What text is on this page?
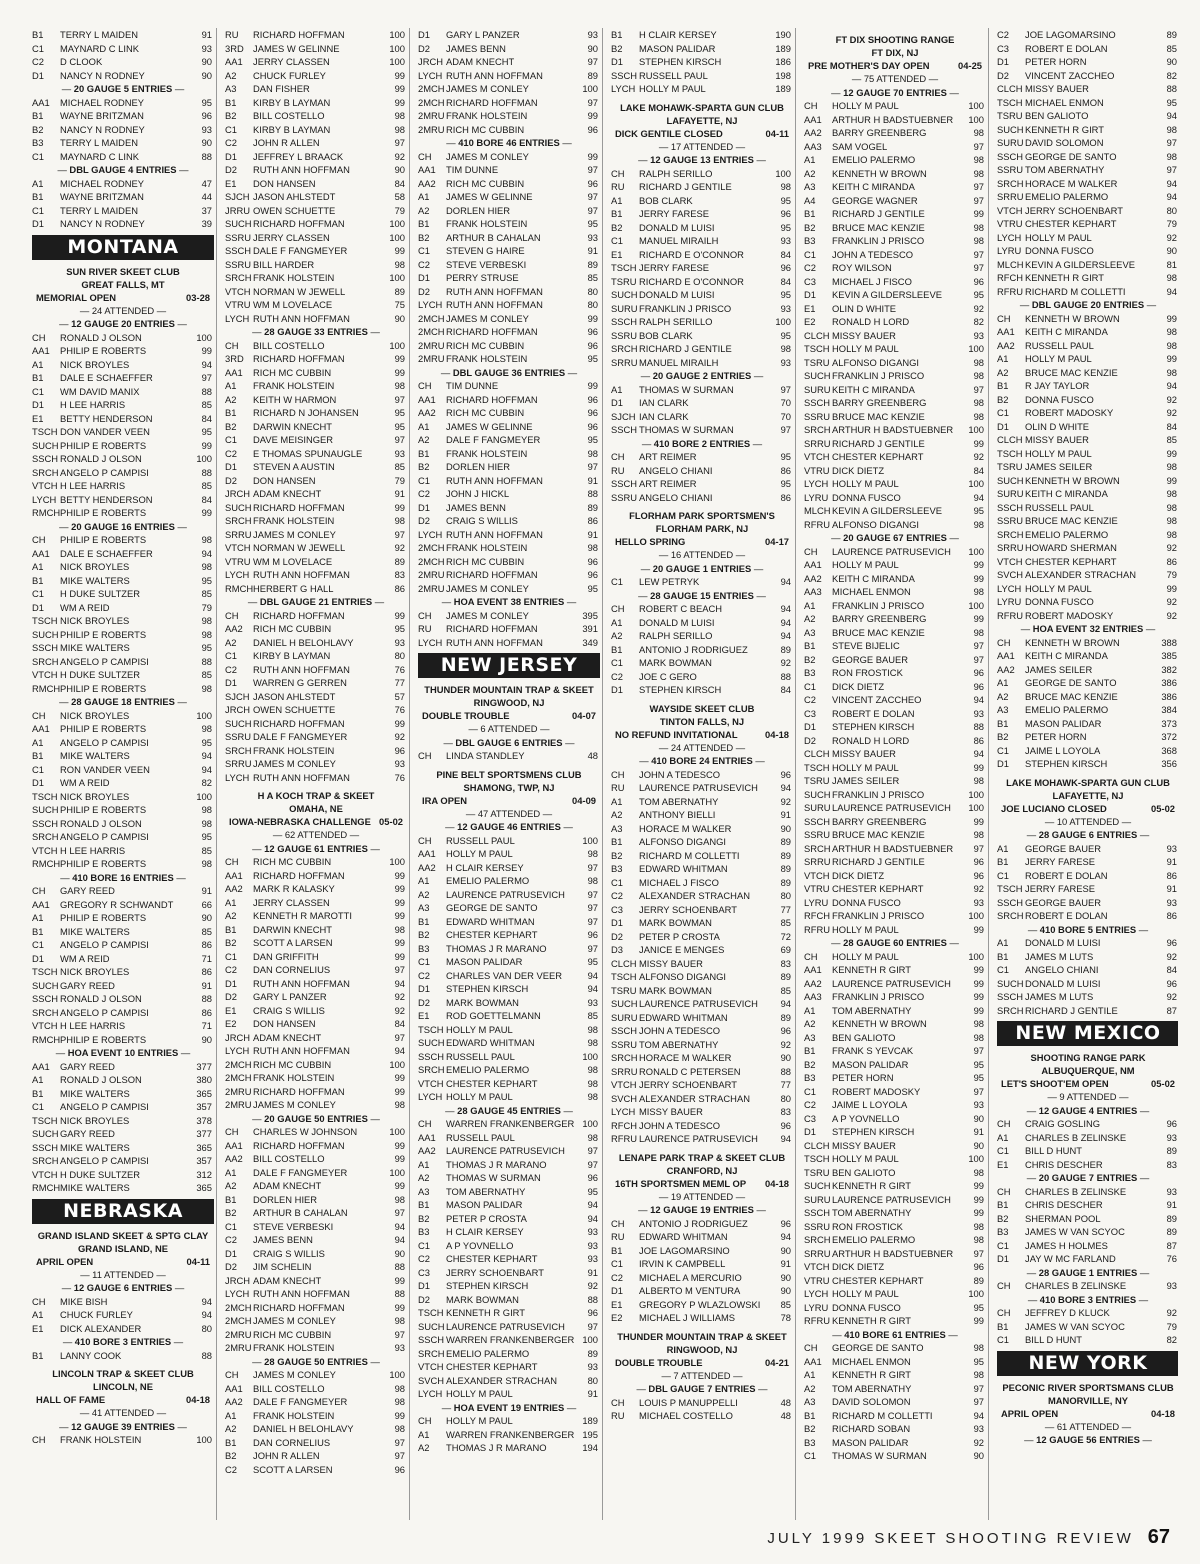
B1	TERRY L MAIDEN	91
C1	MAYNARD C LINK	93
C2	D CLOOK	90
D1	NANCY N RODNEY	90
— 20 GAUGE 5 ENTRIES —
AA1	MICHAEL RODNEY	95
B1	WAYNE BRITZMAN	96
B2	NANCY N RODNEY	93
B3	TERRY L MAIDEN	90
C1	MAYNARD C LINK	88
— DBL GAUGE 4 ENTRIES —
A1	MICHAEL RODNEY	47
B1	WAYNE BRITZMAN	44
C1	TERRY L MAIDEN	37
D1	NANCY N RODNEY	39
MONTANA
SUN RIVER SKEET CLUB
GREAT FALLS, MT
MEMORIAL OPEN	03-28
— 24 ATTENDED —
— 12 GAUGE 20 ENTRIES —
CH	RONALD J OLSON	100
AA1	PHILIP E ROBERTS	99
A1	NICK BROYLES	94
B1	DALE E SCHAEFFER	97
C1	WM DAVID MANIX	88
D1	H LEE HARRIS	85
E1	BETTY HENDERSON	84
TSCH DON VANDER VEEN	95
SUCH PHILIP E ROBERTS	99
SSCH RONALD J OLSON	100
SRCH ANGELO P CAMPISI	88
VTCH H LEE HARRIS	85
LYCH BETTY HENDERSON	84
RMCH PHILIP E ROBERTS	99
— 20 GAUGE 16 ENTRIES —
CH	PHILIP E ROBERTS	98
AA1	DALE E SCHAEFFER	94
A1	NICK BROYLES	98
B1	MIKE WALTERS	95
C1	H DUKE SULTZER	85
D1	WM A REID	79
TSCH NICK BROYLES	98
SUCH PHILIP E ROBERTS	98
SSCH MIKE WALTERS	95
SRCH ANGELO P CAMPISI	88
VTCH H DUKE SULTZER	85
RMCH PHILIP E ROBERTS	98
— 28 GAUGE 18 ENTRIES —
CH	NICK BROYLES	100
AA1	PHILIP E ROBERTS	98
A1	ANGELO P CAMPISI	95
B1	MIKE WALTERS	94
C1	RON VANDER VEEN	94
D1	WM A REID	82
TSCH NICK BROYLES	100
SUCH PHILIP E ROBERTS	98
SSCH RONALD J OLSON	98
SRCH ANGELO P CAMPISI	95
VTCH H LEE HARRIS	85
RMCH PHILIP E ROBERTS	98
— 410 BORE 16 ENTRIES —
CH	GARY REED	91
AA1	GREGORY R SCHWANDT	66
A1	PHILIP E ROBERTS	90
B1	MIKE WALTERS	85
C1	ANGELO P CAMPISI	86
D1	WM A REID	71
TSCH NICK BROYLES	86
SUCH GARY REED	91
SSCH RONALD J OLSON	88
SRCH ANGELO P CAMPISI	86
VTCH H LEE HARRIS	71
RMCH PHILIP E ROBERTS	90
— HOA EVENT 10 ENTRIES —
AA1	GARY REED	377
A1	RONALD J OLSON	380
B1	MIKE WALTERS	365
C1	ANGELO P CAMPISI	357
TSCH NICK BROYLES	378
SUCH GARY REED	377
SSCH MIKE WALTERS	365
SRCH ANGELO P CAMPISI	357
VTCH H DUKE SULTZER	312
RMCH MIKE WALTERS	365
NEBRASKA
GRAND ISLAND SKEET & SPTG CLAY
GRAND ISLAND, NE
APRIL OPEN	04-11
— 11 ATTENDED —
— 12 GAUGE 6 ENTRIES —
CH	MIKE BISH	94
A1	CHUCK FURLEY	94
E1	DICK ALEXANDER	80
— 410 BORE 3 ENTRIES —
B1	LANNY COOK	88
LINCOLN TRAP & SKEET CLUB
LINCOLN, NE
HALL OF FAME	04-18
— 41 ATTENDED —
— 12 GAUGE 39 ENTRIES —
CH	FRANK HOLSTEIN	100
RU	RICHARD HOFFMAN	100
3RD JAMES W GELINNE	100
AA1	JERRY CLASSEN	100
A2	CHUCK FURLEY	99
A3	DAN FISHER	99
B1	KIRBY B LAYMAN	99
B2	BILL COSTELLO	98
C1	KIRBY B LAYMAN	98
C2	JOHN R ALLEN	97
D1	JEFFREY L BRAACK	92
D2	RUTH ANN HOFFMAN	90
E1	DON HANSEN	84
SJCH JASON AHLSTEDT	58
JRRU OWEN SCHUETTE	79
SUCH RICHARD HOFFMAN	100
SSRU JERRY CLASSEN	100
SSCH DALE F FANGMEYER	99
SSRU BILL HARDER	98
SRCH FRANK HOLSTEIN	100
VTCH NORMAN W JEWELL	89
VTRU WM M LOVELACE	75
LYCH RUTH ANN HOFFMAN	90
— 28 GAUGE 33 ENTRIES —
CH	BILL COSTELLO	100
3RD RICHARD HOFFMAN	99
AA1	RICH MC CUBBIN	99
A1	FRANK HOLSTEIN	98
A2	KEITH W HARMON	97
B1	RICHARD N JOHANSEN	95
B2	DARWIN KNECHT	95
C1	DAVE MEISINGER	97
C2	E THOMAS SPUNAUGLE	93
D1	STEVEN A AUSTIN	85
D2	DON HANSEN	79
JRCH ADAM KNECHT	91
SUCH RICHARD HOFFMAN	99
SRCH FRANK HOLSTEIN	98
SRRU JAMES M CONLEY	97
VTCH NORMAN W JEWELL	92
VTRU WM M LOVELACE	89
LYCH RUTH ANN HOFFMAN	83
RMCH HERBERT G HALL	86
— DBL GAUGE 21 ENTRIES —
CH	RICHARD HOFFMAN	99
AA2	RICH MC CUBBIN	95
A2	DANIEL H BELOHLAVY	93
C1	KIRBY B LAYMAN	80
C2	RUTH ANN HOFFMAN	76
D1	WARREN G GERREN	77
SJCH JASON AHLSTEDT	57
JRCH OWEN SCHUETTE	76
SUCH RICHARD HOFFMAN	99
SSRU DALE F FANGMEYER	92
SRCH FRANK HOLSTEIN	96
SRRU JAMES M CONLEY	93
LYCH RUTH ANN HOFFMAN	76
H A KOCH TRAP & SKEET
OMAHA, NE
IOWA-NEBRASKA CHALLENGE 05-02
— 62 ATTENDED —
— 12 GAUGE 61 ENTRIES —
CH	RICH MC CUBBIN	100
AA1	RICHARD HOFFMAN	99
AA2	MARK R KALASKY	99
A1	JERRY CLASSEN	99
A2	KENNETH R MAROTTI	99
B1	DARWIN KNECHT	98
B2	SCOTT A LARSEN	99
C1	DAN GRIFFITH	99
C2	DAN CORNELIUS	97
D1	RUTH ANN HOFFMAN	94
D2	GARY L PANZER	92
E1	CRAIG S WILLIS	92
E2	DON HANSEN	84
JRCH ADAM KNECHT	97
LYCH RUTH ANN HOFFMAN	94
2MCH RICH MC CUBBIN	100
2MCH FRANK HOLSTEIN	99
2MRU RICHARD HOFFMAN	99
2MRU JAMES M CONLEY	98
— 20 GAUGE 50 ENTRIES —
CH	CHARLES W JOHNSON	100
AA1	RICHARD HOFFMAN	99
AA2	BILL COSTELLO	99
A1	DALE F FANGMEYER	100
A2	ADAM KNECHT	99
B1	DORLEN HIER	98
B2	ARTHUR B CAHALAN	97
C1	STEVE VERBESKI	94
C2	JAMES BENN	94
D1	CRAIG S WILLIS	90
D2	JIM SCHELIN	88
JRCH ADAM KNECHT	99
LYCH RUTH ANN HOFFMAN	88
2MCH RICHARD HOFFMAN	99
2MCH JAMES M CONLEY	98
2MRU RICH MC CUBBIN	97
2MRU FRANK HOLSTEIN	93
— 28 GAUGE 50 ENTRIES —
CH	JAMES M CONLEY	100
AA1	BILL COSTELLO	98
AA2	DALE F FANGMEYER	98
A1	FRANK HOLSTEIN	99
A2	DANIEL H BELOHLAVY	98
B1	DAN CORNELIUS	97
B2	JOHN R ALLEN	97
C2	SCOTT A LARSEN	96
D1	GARY L PANZER	93
D2	JAMES BENN	90
JRCH ADAM KNECHT	97
LYCH RUTH ANN HOFFMAN	89
2MCH JAMES M CONLEY	100
2MCH RICHARD HOFFMAN	97
2MRU FRANK HOLSTEIN	99
2MRU RICH MC CUBBIN	96
— 410 BORE 46 ENTRIES —
CH	JAMES M CONLEY	99
AA1	TIM DUNNE	97
AA2	RICH MC CUBBIN	96
A1	JAMES W GELINNE	97
A2	DORLEN HIER	97
B1	FRANK HOLSTEIN	95
B2	ARTHUR B CAHALAN	93
C1	STEVEN G HAIRE	91
C2	STEVE VERBESKI	89
D1	PERRY STRUSE	85
D2	RUTH ANN HOFFMAN	80
LYCH RUTH ANN HOFFMAN	80
2MCH JAMES M CONLEY	99
2MCH RICHARD HOFFMAN	96
2MRU RICH MC CUBBIN	96
2MRU FRANK HOLSTEIN	95
— DBL GAUGE 36 ENTRIES —
CH	TIM DUNNE	99
AA1	RICHARD HOFFMAN	96
AA2	RICH MC CUBBIN	96
A1	JAMES W GELINNE	96
A2	DALE F FANGMEYER	95
B1	FRANK HOLSTEIN	98
B2	DORLEN HIER	97
C1	RUTH ANN HOFFMAN	91
C2	JOHN J HICKL	88
D1	JAMES BENN	89
D2	CRAIG S WILLIS	86
LYCH RUTH ANN HOFFMAN	91
2MCH FRANK HOLSTEIN	98
2MCH RICH MC CUBBIN	96
2MRU RICHARD HOFFMAN	96
2MRU JAMES M CONLEY	95
— HOA EVENT 38 ENTRIES —
CH	JAMES M CONLEY	395
RU	RICHARD HOFFMAN	391
LYCH RUTH ANN HOFFMAN	349
NEW JERSEY
THUNDER MOUNTAIN TRAP & SKEET
RINGWOOD, NJ
DOUBLE TROUBLE	04-07
— 6 ATTENDED —
— DBL GAUGE 6 ENTRIES —
CH	LINDA STANDLEY	48
PINE BELT SPORTSMENS CLUB
SHAMONG, TWP, NJ
IRA OPEN	04-09
— 47 ATTENDED —
— 12 GAUGE 46 ENTRIES —
CH	RUSSELL PAUL	100
AA1	HOLLY M PAUL	98
AA2	H CLAIR KERSEY	97
A1	EMELIO PALERMO	98
A2	LAURENCE PATRUSEVICH	97
A3	GEORGE DE SANTO	97
B1	EDWARD WHITMAN	97
B2	CHESTER KEPHART	96
B3	THOMAS J R MARANO	97
C1	MASON PALIDAR	95
C2	CHARLES VAN DER VEER	94
D1	STEPHEN KIRSCH	94
D2	MARK BOWMAN	93
E1	ROD GOETTELMANN	85
TSCH HOLLY M PAUL	98
SUCH EDWARD WHITMAN	98
SSCH RUSSELL PAUL	100
SRCH EMELIO PALERMO	98
VTCH CHESTER KEPHART	98
LYCH HOLLY M PAUL	98
— 28 GAUGE 45 ENTRIES —
CH	WARREN FRANKENBERGER 100
AA1	RUSSELL PAUL	98
AA2	LAURENCE PATRUSEVICH	97
A1	THOMAS J R MARANO	97
A2	THOMAS W SURMAN	96
A3	TOM ABERNATHY	95
B1	MASON PALIDAR	94
B2	PETER P CROSTA	94
B3	H CLAIR KERSEY	93
C1	A P YOVNELLO	93
C2	CHESTER KEPHART	93
C3	JERRY SCHOENBART	91
D1	STEPHEN KIRSCH	92
D2	MARK BOWMAN	88
TSCH KENNETH R GIRT	96
SUCH LAURENCE PATRUSEVICH	97
SSCH WARREN FRANKENBERGER 100
SRCH EMELIO PALERMO	89
VTCH CHESTER KEPHART	93
SVCH ALEXANDER STRACHAN	80
LYCH HOLLY M PAUL	91
— HOA EVENT 19 ENTRIES —
CH	HOLLY M PAUL	189
A1	WARREN FRANKENBERGER 195
A2	THOMAS J R MARANO	194
B1	H CLAIR KERSEY	190
B2	MASON PALIDAR	189
D1	STEPHEN KIRSCH	186
SSCH RUSSELL PAUL	198
LYCH HOLLY M PAUL	189
LAKE MOHAWK-SPARTA GUN CLUB
LAFAYETTE, NJ
DICK GENTILE CLOSED	04-11
— 17 ATTENDED —
— 12 GAUGE 13 ENTRIES —
CH	RALPH SERILLO	100
RU	RICHARD J GENTILE	98
A1	BOB CLARK	95
B1	JERRY FARESE	96
B2	DONALD M LUISI	95
C1	MANUEL MIRAILH	93
E1	RICHARD E O'CONNOR	84
TSCH JERRY FARESE	96
TSRU RICHARD E O'CONNOR	84
SUCH DONALD M LUISI	95
SURU FRANKLIN J PRISCO	93
SSCH RALPH SERILLO	100
SSRU BOB CLARK	95
SRCH RICHARD J GENTILE	98
SRRU MANUEL MIRAILH	93
— 20 GAUGE 2 ENTRIES —
A1	THOMAS W SURMAN	97
D1	IAN CLARK	70
SJCH IAN CLARK	70
SSCH THOMAS W SURMAN	97
— 410 BORE 2 ENTRIES —
CH	ART REIMER	95
RU	ANGELO CHIANI	86
SSCH ART REIMER	95
SSRU ANGELO CHIANI	86
FLORHAM PARK SPORTSMEN'S
FLORHAM PARK, NJ
HELLO SPRING	04-17
— 16 ATTENDED —
— 20 GAUGE 1 ENTRIES —
C1	LEW PETRYK	94
— 28 GAUGE 15 ENTRIES —
CH	ROBERT C BEACH	94
A1	DONALD M LUISI	94
A2	RALPH SERILLO	94
B1	ANTONIO J RODRIGUEZ	89
C1	MARK BOWMAN	92
C2	JOE C GERO	88
D1	STEPHEN KIRSCH	84
WAYSIDE SKEET CLUB
TINTON FALLS, NJ
NO REFUND INVITATIONAL	04-18
— 24 ATTENDED —
— 410 BORE 24 ENTRIES —
CH	JOHN A TEDESCO	96
RU	LAURENCE PATRUSEVICH	94
A1	TOM ABERNATHY	92
A2	ANTHONY BIELLI	91
A3	HORACE M WALKER	90
B1	ALFONSO DIGANGI	89
B2	RICHARD M COLLETTI	89
B3	EDWARD WHITMAN	89
C1	MICHAEL J FISCO	89
C2	ALEXANDER STRACHAN	80
C3	JERRY SCHOENBART	77
D1	MARK BOWMAN	85
D2	PETER P CROSTA	72
D3	JANICE E MENGES	69
CLCH MISSY BAUER	83
TSCH ALFONSO DIGANGI	89
TSRU MARK BOWMAN	85
SUCH LAURENCE PATRUSEVICH	94
SURU EDWARD WHITMAN	89
SSCH JOHN A TEDESCO	96
SSRU TOM ABERNATHY	92
SRCH HORACE M WALKER	90
SRRU RONALD C PETERSEN	88
VTCH JERRY SCHOENBART	77
SVCH ALEXANDER STRACHAN	80
LYCH MISSY BAUER	83
RFCH JOHN A TEDESCO	96
RFRU LAURENCE PATRUSEVICH	94
LENAPE PARK TRAP & SKEET CLUB
CRANFORD, NJ
16TH SPORTSMEN MEML OP 04-18
— 19 ATTENDED —
— 12 GAUGE 19 ENTRIES —
CH	ANTONIO J RODRIGUEZ	96
RU	EDWARD WHITMAN	94
B1	JOE LAGOMARSINO	90
C1	IRVIN K CAMPBELL	91
C2	MICHAEL A MERCURIO	90
D1	ALBERTO M VENTURA	90
E1	GREGORY P WLAZLOWSKI	85
E2	MICHAEL J WILLIAMS	78
THUNDER MOUNTAIN TRAP & SKEET
RINGWOOD, NJ
DOUBLE TROUBLE	04-21
— 7 ATTENDED —
— DBL GAUGE 7 ENTRIES —
CH	LOUIS P MANUPPELLI	48
RU	MICHAEL COSTELLO	48
FT DIX SHOOTING RANGE
FT DIX, NJ
PRE MOTHER'S DAY OPEN	04-25
— 75 ATTENDED —
— 12 GAUGE 70 ENTRIES —
CH	HOLLY M PAUL	100
AA1	ARTHUR H BADSTUEBNER	100
AA2	BARRY GREENBERG	98
AA3	SAM VOGEL	97
A1	EMELIO PALERMO	98
A2	KENNETH W BROWN	98
A3	KEITH C MIRANDA	97
A4	GEORGE WAGNER	97
B1	RICHARD J GENTILE	99
B2	BRUCE MAC KENZIE	98
B3	FRANKLIN J PRISCO	98
C1	JOHN A TEDESCO	97
C2	ROY WILSON	97
C3	MICHAEL J FISCO	96
D1	KEVIN A GILDERSLEEVE	95
E1	OLIN D WHITE	92
E2	RONALD H LORD	82
CLCH MISSY BAUER	93
TSCH HOLLY M PAUL	100
TSRU ALFONSO DIGANGI	98
SUCH FRANKLIN J PRISCO	98
SURU KEITH C MIRANDA	97
SSCH BARRY GREENBERG	98
SSRU BRUCE MAC KENZIE	98
SRCH ARTHUR H BADSTUEBNER	100
SRRU RICHARD J GENTILE	99
VTCH CHESTER KEPHART	92
VTRU DICK DIETZ	84
LYCH HOLLY M PAUL	100
LYRU DONNA FUSCO	94
MLCH KEVIN A GILDERSLEEVE	95
RFRU ALFONSO DIGANGI	98
— 20 GAUGE 67 ENTRIES —
CH	LAURENCE PATRUSEVICH	100
AA1	HOLLY M PAUL	99
AA2	KEITH C MIRANDA	99
AA3	MICHAEL ENMON	98
A1	FRANKLIN J PRISCO	100
A2	BARRY GREENBERG	99
A3	BRUCE MAC KENZIE	98
B1	STEVE BIJELIC	97
B2	GEORGE BAUER	97
B3	RON FROSTICK	96
C1	DICK DIETZ	96
C2	VINCENT ZACCHEO	94
C3	ROBERT E DOLAN	93
D1	STEPHEN KIRSCH	88
D2	RONALD H LORD	86
CLCH MISSY BAUER	94
TSCH HOLLY M PAUL	99
TSRU JAMES SEILER	98
SUCH FRANKLIN J PRISCO	100
SURU LAURENCE PATRUSEVICH	100
SSCH BARRY GREENBERG	99
SSRU BRUCE MAC KENZIE	98
SRCH ARTHUR H BADSTUEBNER	97
SRRU RICHARD J GENTILE	96
VTCH DICK DIETZ	96
VTRU CHESTER KEPHART	92
LYRU DONNA FUSCO	93
RFCH FRANKLIN J PRISCO	100
RFRU HOLLY M PAUL	99
— 28 GAUGE 60 ENTRIES —
CH	HOLLY M PAUL	100
AA1	KENNETH R GIRT	99
AA2	LAURENCE PATRUSEVICH	99
AA3	FRANKLIN J PRISCO	99
A1	TOM ABERNATHY	99
A2	KENNETH W BROWN	98
A3	BEN GALIOTO	98
B1	FRANK S YEVCAK	97
B2	MASON PALIDAR	95
B3	PETER HORN	95
C1	ROBERT MADOSKY	97
C2	JAIME L LOYOLA	93
C3	A P YOVNELLO	90
D1	STEPHEN KIRSCH	91
CLCH MISSY BAUER	90
TSCH HOLLY M PAUL	100
TSRU BEN GALIOTO	98
SUCH KENNETH R GIRT	99
SURU LAURENCE PATRUSEVICH	99
SSCH TOM ABERNATHY	99
SSRU RON FROSTICK	98
SRCH EMELIO PALERMO	98
SRRU ARTHUR H BADSTUEBNER	97
VTCH DICK DIETZ	96
VTRU CHESTER KEPHART	89
LYCH HOLLY M PAUL	100
LYRU DONNA FUSCO	95
RFRU KENNETH R GIRT	99
— 410 BORE 61 ENTRIES —
CH	GEORGE DE SANTO	98
AA1	MICHAEL ENMON	95
A1	KENNETH R GIRT	98
A2	TOM ABERNATHY	97
A3	DAVID SOLOMON	97
B1	RICHARD M COLLETTI	94
B2	RICHARD SOBAN	93
B3	MASON PALIDAR	92
C1	THOMAS W SURMAN	90
C2	JOE LAGOMARSINO	89
C3	ROBERT E DOLAN	85
D1	PETER HORN	90
D2	VINCENT ZACCHEO	82
CLCH MISSY BAUER	88
TSCH MICHAEL ENMON	95
TSRU BEN GALIOTO	94
SUCH KENNETH R GIRT	98
SURU DAVID SOLOMON	97
SSCH GEORGE DE SANTO	98
SSRU TOM ABERNATHY	97
SRCH HORACE M WALKER	94
SRRU EMELIO PALERMO	94
VTCH JERRY SCHOENBART	80
VTRU CHESTER KEPHART	79
LYCH HOLLY M PAUL	92
LYRU DONNA FUSCO	90
MLCH KEVIN A GILDERSLEEVE	81
RFCH KENNETH R GIRT	98
RFRU RICHARD M COLLETTI	94
— DBL GAUGE 20 ENTRIES —
CH	KENNETH W BROWN	99
AA1	KEITH C MIRANDA	98
AA2	RUSSELL PAUL	98
A1	HOLLY M PAUL	99
A2	BRUCE MAC KENZIE	98
B1	R JAY TAYLOR	94
B2	DONNA FUSCO	92
C1	ROBERT MADOSKY	92
D1	OLIN D WHITE	84
CLCH MISSY BAUER	85
TSCH HOLLY M PAUL	99
TSRU JAMES SEILER	98
SUCH KENNETH W BROWN	99
SURU KEITH C MIRANDA	98
SSCH RUSSELL PAUL	98
SSRU BRUCE MAC KENZIE	98
SRCH EMELIO PALERMO	98
SRRU HOWARD SHERMAN	92
VTCH CHESTER KEPHART	86
SVCH ALEXANDER STRACHAN	79
LYCH HOLLY M PAUL	99
LYRU DONNA FUSCO	92
RFRU ROBERT MADOSKY	92
— HOA EVENT 32 ENTRIES —
CH	KENNETH W BROWN	388
AA1	KEITH C MIRANDA	385
AA2	JAMES SEILER	382
A1	GEORGE DE SANTO	386
A2	BRUCE MAC KENZIE	386
A3	EMELIO PALERMO	384
B1	MASON PALIDAR	373
B2	PETER HORN	372
C1	JAIME L LOYOLA	368
D1	STEPHEN KIRSCH	356
LAKE MOHAWK-SPARTA GUN CLUB
LAFAYETTE, NJ
JOE LUCIANO CLOSED	05-02
— 10 ATTENDED —
— 28 GAUGE 6 ENTRIES —
A1	GEORGE BAUER	93
B1	JERRY FARESE	91
C1	ROBERT E DOLAN	86
TSCH JERRY FARESE	91
SSCH GEORGE BAUER	93
SRCH ROBERT E DOLAN	86
— 410 BORE 5 ENTRIES —
A1	DONALD M LUISI	96
B1	JAMES M LUTS	92
C1	ANGELO CHIANI	84
SUCH DONALD M LUISI	96
SSCH JAMES M LUTS	92
SRCH RICHARD J GENTILE	87
NEW MEXICO
SHOOTING RANGE PARK
ALBUQUERQUE, NM
LET'S SHOOT'EM OPEN	05-02
— 9 ATTENDED —
— 12 GAUGE 4 ENTRIES —
CH	CRAIG GOSLING	96
A1	CHARLES B ZELINSKE	93
C1	BILL D HUNT	89
E1	CHRIS DESCHER	83
— 20 GAUGE 7 ENTRIES —
CH	CHARLES B ZELINSKE	93
B1	CHRIS DESCHER	91
B2	SHERMAN POOL	89
B3	JAMES W VAN SCYOC	89
C1	JAMES H HOLMES	87
D1	JAY W MC FARLAND	76
— 28 GAUGE 1 ENTRIES —
CH	CHARLES B ZELINSKE	93
— 410 BORE 3 ENTRIES —
CH	JEFFREY D KLUCK	92
B1	JAMES W VAN SCYOC	79
C1	BILL D HUNT	82
NEW YORK
PECONIC RIVER SPORTSMANS CLUB
MANORVILLE, NY
APRIL OPEN	04-18
— 61 ATTENDED —
— 12 GAUGE 56 ENTRIES —
JULY 1999 SKEET SHOOTING REVIEW 67
